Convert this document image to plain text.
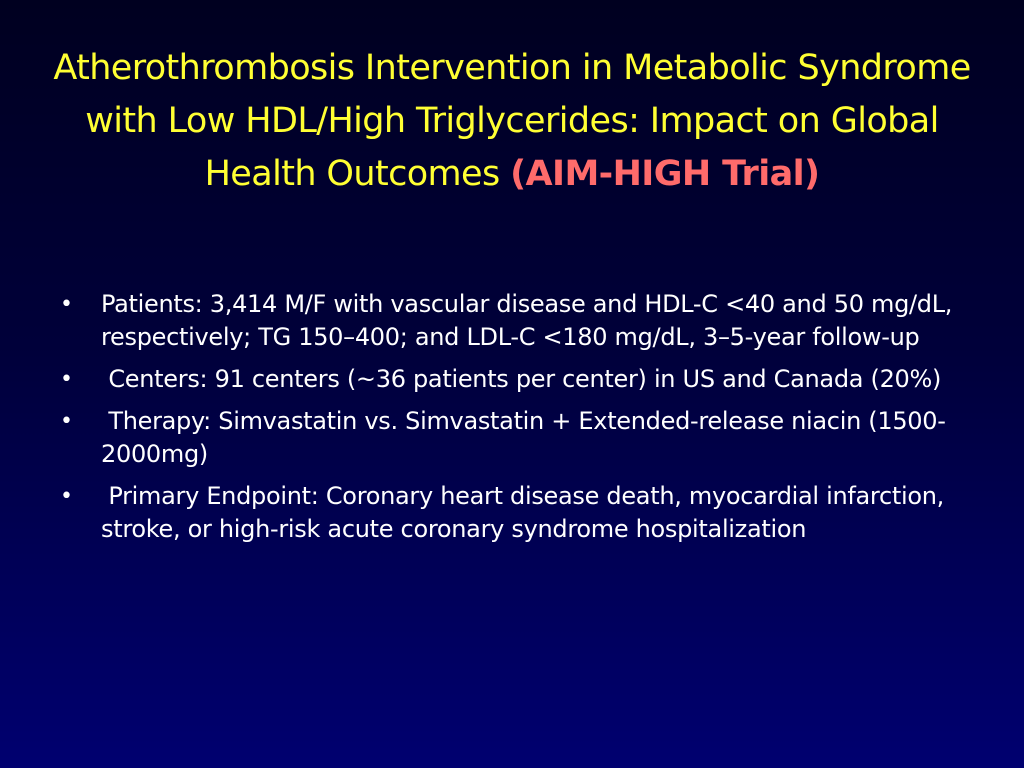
Atherothrombosis Intervention in Metabolic Syndrome with Low HDL/High Triglycerides: Impact on Global Health Outcomes (AIM-HIGH Trial)
• Patients: 3,414 M/F with vascular disease and HDL-C <40 and 50 mg/dL, respectively; TG 150–400; and LDL-C <180 mg/dL, 3–5-year follow-up
• Centers: 91 centers (~36 patients per center) in US and Canada (20%)
• Therapy: Simvastatin vs. Simvastatin + Extended-release niacin (1500-2000mg)
• Primary Endpoint: Coronary heart disease death, myocardial infarction, stroke, or high-risk acute coronary syndrome hospitalization
